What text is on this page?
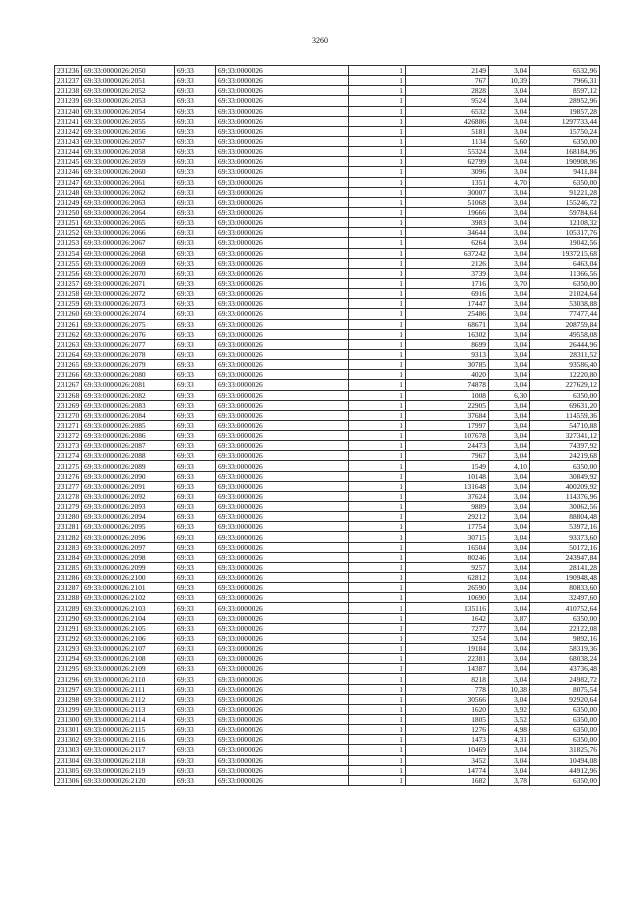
3260
231236	69:33:0000026:2050	69:33	69:33:0000026	1	2149	3,04	6532,96
231237	69:33:0000026:2051	69:33	69:33:0000026	1	767	10,39	7966,31
231238	69:33:0000026:2052	69:33	69:33:0000026	1	2828	3,04	8597,12
231239	69:33:0000026:2053	69:33	69:33:0000026	1	9524	3,04	28952,96
231240	69:33:0000026:2054	69:33	69:33:0000026	1	6532	3,04	19857,28
231241	69:33:0000026:2055	69:33	69:33:0000026	1	426886	3,04	1297733,44
231242	69:33:0000026:2056	69:33	69:33:0000026	1	5181	3,04	15750,24
231243	69:33:0000026:2057	69:33	69:33:0000026	1	1134	5,60	6350,00
231244	69:33:0000026:2058	69:33	69:33:0000026	1	55324	3,04	168184,96
231245	69:33:0000026:2059	69:33	69:33:0000026	1	62799	3,04	190908,96
231246	69:33:0000026:2060	69:33	69:33:0000026	1	3096	3,04	9411,84
231247	69:33:0000026:2061	69:33	69:33:0000026	1	1351	4,70	6350,00
231248	69:33:0000026:2062	69:33	69:33:0000026	1	30007	3,04	91221,28
231249	69:33:0000026:2063	69:33	69:33:0000026	1	51068	3,04	155246,72
231250	69:33:0000026:2064	69:33	69:33:0000026	1	19666	3,04	59784,64
231251	69:33:0000026:2065	69:33	69:33:0000026	1	3983	3,04	12108,32
231252	69:33:0000026:2066	69:33	69:33:0000026	1	34644	3,04	105317,76
231253	69:33:0000026:2067	69:33	69:33:0000026	1	6264	3,04	19042,56
231254	69:33:0000026:2068	69:33	69:33:0000026	1	637242	3,04	1937215,68
231255	69:33:0000026:2069	69:33	69:33:0000026	1	2126	3,04	6463,04
231256	69:33:0000026:2070	69:33	69:33:0000026	1	3739	3,04	11366,56
231257	69:33:0000026:2071	69:33	69:33:0000026	1	1716	3,70	6350,00
231258	69:33:0000026:2072	69:33	69:33:0000026	1	6916	3,04	21024,64
231259	69:33:0000026:2073	69:33	69:33:0000026	1	17447	3,04	53038,88
231260	69:33:0000026:2074	69:33	69:33:0000026	1	25486	3,04	77477,44
231261	69:33:0000026:2075	69:33	69:33:0000026	1	68671	3,04	208759,84
231262	69:33:0000026:2076	69:33	69:33:0000026	1	16302	3,04	49558,08
231263	69:33:0000026:2077	69:33	69:33:0000026	1	8699	3,04	26444,96
231264	69:33:0000026:2078	69:33	69:33:0000026	1	9313	3,04	28311,52
231265	69:33:0000026:2079	69:33	69:33:0000026	1	30785	3,04	93586,40
231266	69:33:0000026:2080	69:33	69:33:0000026	1	4020	3,04	12220,80
231267	69:33:0000026:2081	69:33	69:33:0000026	1	74878	3,04	227629,12
231268	69:33:0000026:2082	69:33	69:33:0000026	1	1008	6,30	6350,00
231269	69:33:0000026:2083	69:33	69:33:0000026	1	22905	3,04	69631,20
231270	69:33:0000026:2084	69:33	69:33:0000026	1	37684	3,04	114559,36
231271	69:33:0000026:2085	69:33	69:33:0000026	1	17997	3,04	54710,88
231272	69:33:0000026:2086	69:33	69:33:0000026	1	107678	3,04	327341,12
231273	69:33:0000026:2087	69:33	69:33:0000026	1	24473	3,04	74397,92
231274	69:33:0000026:2088	69:33	69:33:0000026	1	7967	3,04	24219,68
231275	69:33:0000026:2089	69:33	69:33:0000026	1	1549	4,10	6350,00
231276	69:33:0000026:2090	69:33	69:33:0000026	1	10148	3,04	30849,92
231277	69:33:0000026:2091	69:33	69:33:0000026	1	131648	3,04	400209,92
231278	69:33:0000026:2092	69:33	69:33:0000026	1	37624	3,04	114376,96
231279	69:33:0000026:2093	69:33	69:33:0000026	1	9889	3,04	30062,56
231280	69:33:0000026:2094	69:33	69:33:0000026	1	29212	3,04	88804,48
231281	69:33:0000026:2095	69:33	69:33:0000026	1	17754	3,04	53972,16
231282	69:33:0000026:2096	69:33	69:33:0000026	1	30715	3,04	93373,60
231283	69:33:0000026:2097	69:33	69:33:0000026	1	16504	3,04	50172,16
231284	69:33:0000026:2098	69:33	69:33:0000026	1	80246	3,04	243947,84
231285	69:33:0000026:2099	69:33	69:33:0000026	1	9257	3,04	28141,28
231286	69:33:0000026:2100	69:33	69:33:0000026	1	62812	3,04	190948,48
231287	69:33:0000026:2101	69:33	69:33:0000026	1	26590	3,04	80833,60
231288	69:33:0000026:2102	69:33	69:33:0000026	1	10690	3,04	32497,60
231289	69:33:0000026:2103	69:33	69:33:0000026	1	135116	3,04	410752,64
231290	69:33:0000026:2104	69:33	69:33:0000026	1	1642	3,87	6350,00
231291	69:33:0000026:2105	69:33	69:33:0000026	1	7277	3,04	22122,08
231292	69:33:0000026:2106	69:33	69:33:0000026	1	3254	3,04	9892,16
231293	69:33:0000026:2107	69:33	69:33:0000026	1	19184	3,04	58319,36
231294	69:33:0000026:2108	69:33	69:33:0000026	1	22381	3,04	68038,24
231295	69:33:0000026:2109	69:33	69:33:0000026	1	14387	3,04	43736,48
231296	69:33:0000026:2110	69:33	69:33:0000026	1	8218	3,04	24982,72
231297	69:33:0000026:2111	69:33	69:33:0000026	1	778	10,38	8075,54
231298	69:33:0000026:2112	69:33	69:33:0000026	1	30566	3,04	92920,64
231299	69:33:0000026:2113	69:33	69:33:0000026	1	1620	3,92	6350,00
231300	69:33:0000026:2114	69:33	69:33:0000026	1	1805	3,52	6350,00
231301	69:33:0000026:2115	69:33	69:33:0000026	1	1276	4,98	6350,00
231302	69:33:0000026:2116	69:33	69:33:0000026	1	1473	4,31	6350,00
231303	69:33:0000026:2117	69:33	69:33:0000026	1	10469	3,04	31825,76
231304	69:33:0000026:2118	69:33	69:33:0000026	1	3452	3,04	10494,08
231305	69:33:0000026:2119	69:33	69:33:0000026	1	14774	3,04	44912,96
231306	69:33:0000026:2120	69:33	69:33:0000026	1	1682	3,78	6350,00
